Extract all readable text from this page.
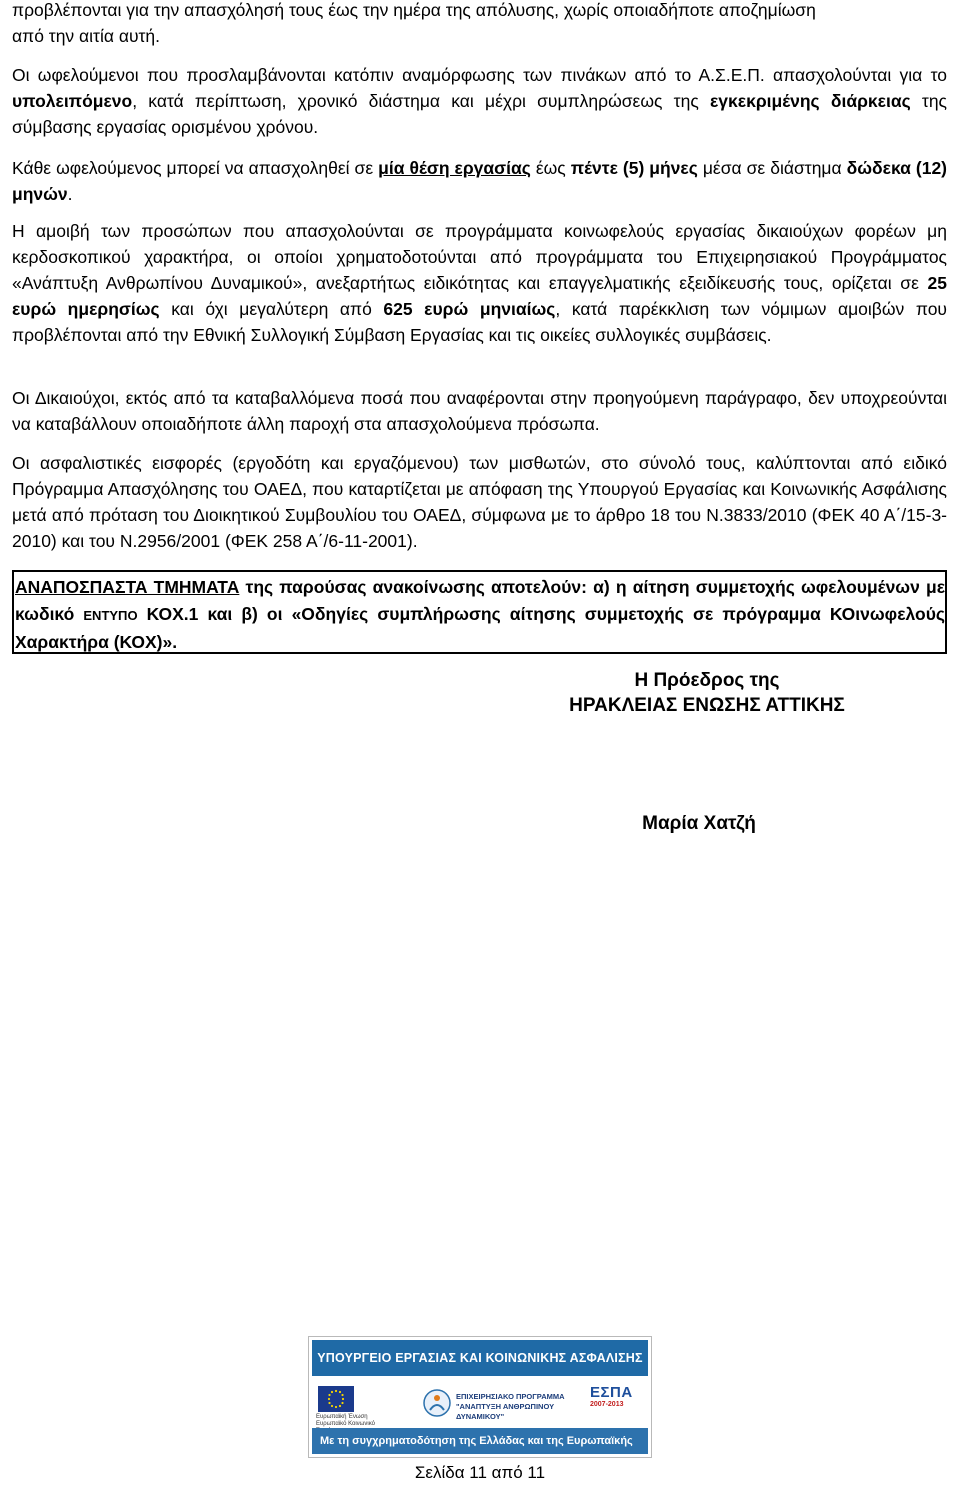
προβλέπονται για την απασχόλησή τους έως την ημέρα της απόλυσης, χωρίς οποιαδήποτε αποζημίωση
από την αιτία αυτή.

Οι ωφελούμενοι που προσλαμβάνονται κατόπιν αναμόρφωσης των πινάκων από το Α.Σ.Ε.Π. απασχολούνται για το υπολειπόμενο, κατά περίπτωση, χρονικό διάστημα και μέχρι συμπληρώσεως της εγκεκριμένης διάρκειας της σύμβασης εργασίας ορισμένου χρόνου.

Κάθε ωφελούμενος μπορεί να απασχοληθεί σε μία θέση εργασίας έως πέντε (5) μήνες μέσα σε διάστημα δώδεκα (12) μηνών.

Η αμοιβή των προσώπων που απασχολούνται σε προγράμματα κοινωφελούς εργασίας δικαιούχων φορέων μη κερδοσκοπικού χαρακτήρα, οι οποίοι χρηματοδοτούνται από προγράμματα του Επιχειρησιακού Προγράμματος «Ανάπτυξη Ανθρωπίνου Δυναμικού», ανεξαρτήτως ειδικότητας και επαγγελματικής εξειδίκευσής τους, ορίζεται σε 25 ευρώ ημερησίως και όχι μεγαλύτερη από 625 ευρώ μηνιαίως, κατά παρέκκλιση των νόμιμων αμοιβών που προβλέπονται από την Εθνική Συλλογική Σύμβαση Εργασίας και τις οικείες συλλογικές συμβάσεις.

Οι Δικαιούχοι, εκτός από τα καταβαλλόμενα ποσά που αναφέρονται στην προηγούμενη παράγραφο, δεν υποχρεούνται να καταβάλλουν οποιαδήποτε άλλη παροχή στα απασχολούμενα πρόσωπα.

Οι ασφαλιστικές εισφορές (εργοδότη και εργαζόμενου) των μισθωτών, στο σύνολό τους, καλύπτονται από ειδικό Πρόγραμμα Απασχόλησης του ΟΑΕΔ, που καταρτίζεται με απόφαση της Υπουργού Εργασίας και Κοινωνικής Ασφάλισης μετά από πρόταση του Διοικητικού Συμβουλίου του ΟΑΕΔ, σύμφωνα με το άρθρο 18 του Ν.3833/2010 (ΦΕΚ 40 Α΄/15-3-2010) και του Ν.2956/2001 (ΦΕΚ 258 Α΄/6-11-2001).

ΑΝΑΠΟΣΠΑΣΤΑ ΤΜΗΜΑΤΑ της παρούσας ανακοίνωσης αποτελούν: α) η αίτηση συμμετοχής ωφελουμένων με κωδικό ΕΝΤΥΠΟ ΚΟΧ.1 και β) οι «Οδηγίες συμπλήρωσης αίτησης συμμετοχής σε πρόγραμμα ΚΟινωφελούς Χαρακτήρα (ΚΟΧ)».

Η Πρόεδρος της
ΗΡΑΚΛΕΙΑΣ ΕΝΩΣΗΣ ΑΤΤΙΚΗΣ
Μαρία Χατζή
ΥΠΟΥΡΓΕΙΟ ΕΡΓΑΣΙΑΣ ΚΑΙ ΚΟΙΝΩΝΙΚΗΣ ΑΣΦΑΛΙΣΗΣ
Ευρωπαϊκή Ένωση Ευρωπαϊκό Κοινωνικό
ΕΠΙΧΕΙΡΗΣΙΑΚΟ ΠΡΟΓΡΑΜΜΑ
"ΑΝΑΠΤΥΞΗ ΑΝΘΡΩΠΙΝΟΥ ΔΥΝΑΜΙΚΟΥ"
ΕΣΠΑ
2007-2013
Με τη συγχρηματοδότηση της Ελλάδας και της Ευρωπαϊκής Ένωσης	Σελίδα 11 από 11
